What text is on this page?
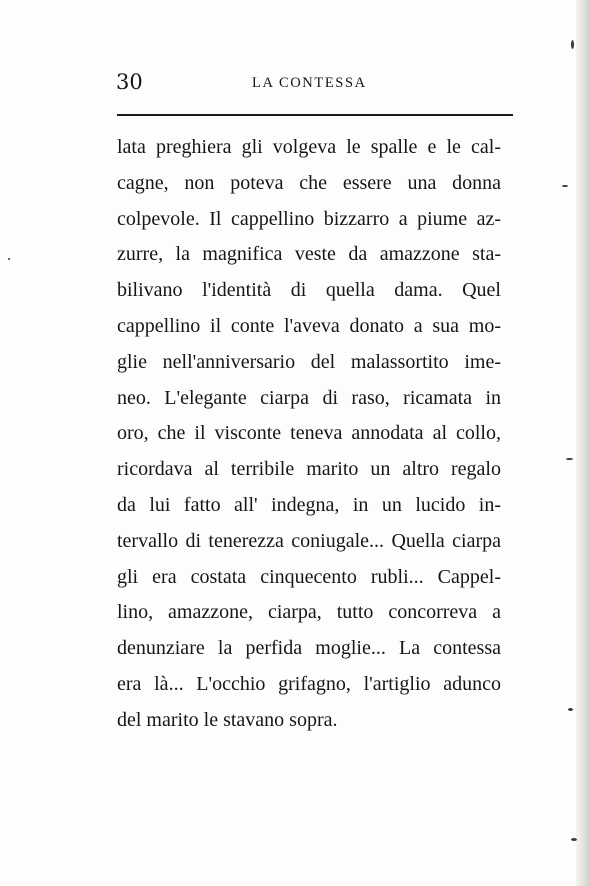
30	LA CONTESSA
lata preghiera gli volgeva le spalle e le cal-
cagne, non poteva che essere una donna
colpevole. Il cappellino bizzarro a piume az-
zurre, la magnifica veste da amazzone sta-
bilivano l'identità di quella dama. Quel
cappellino il conte l'aveva donato a sua mo-
glie nell'anniversario del malassortito ime-
neo. L'elegante ciarpa di raso, ricamata in
oro, che il visconte teneva annodata al collo,
ricordava al terribile marito un altro regalo
da lui fatto all' indegna, in un lucido in-
tervallo di tenerezza coniugale... Quella ciarpa
gli era costata cinquecento rubli... Cappel-
lino, amazzone, ciarpa, tutto concorreva a
denunziare la perfida moglie... La contessa
era là... L'occhio grifagno, l'artiglio adunco
del marito le stavano sopra.
